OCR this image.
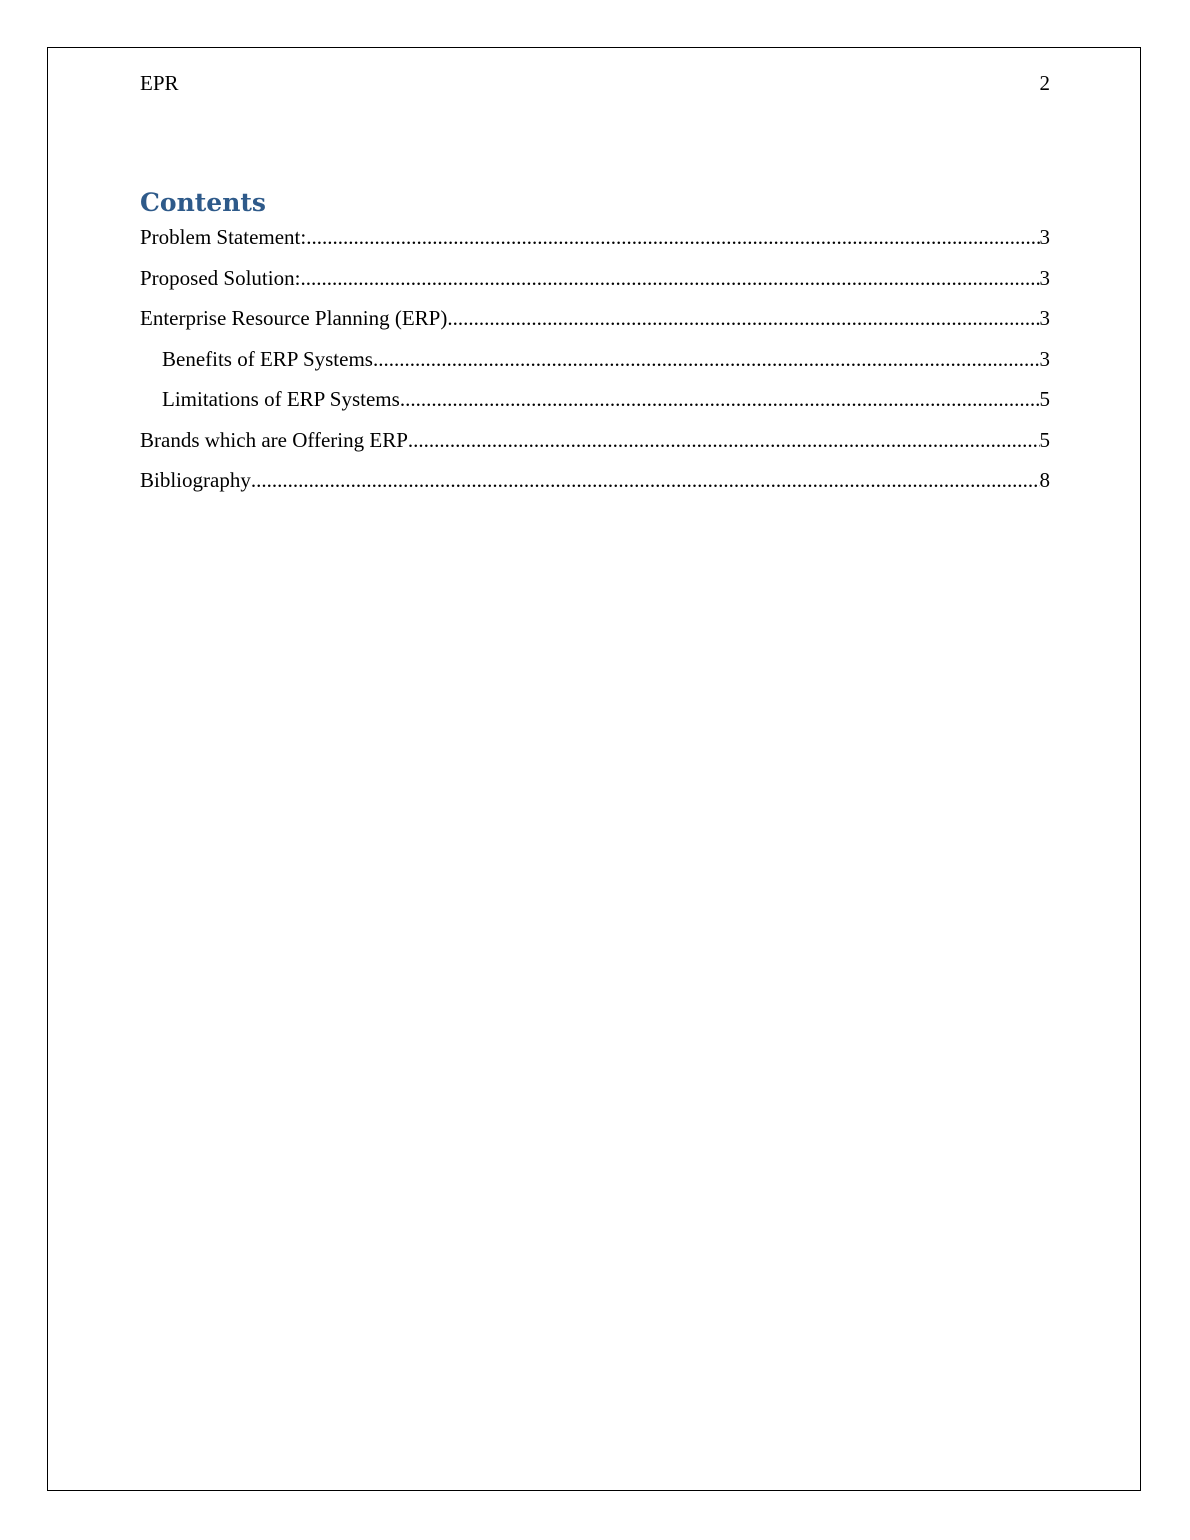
EPR	2
Contents
Problem Statement: .....	3
Proposed Solution: .....	3
Enterprise Resource Planning (ERP) .....	3
Benefits of ERP Systems .....	3
Limitations of ERP Systems .....	5
Brands which are Offering ERP .....	5
Bibliography .....	8
